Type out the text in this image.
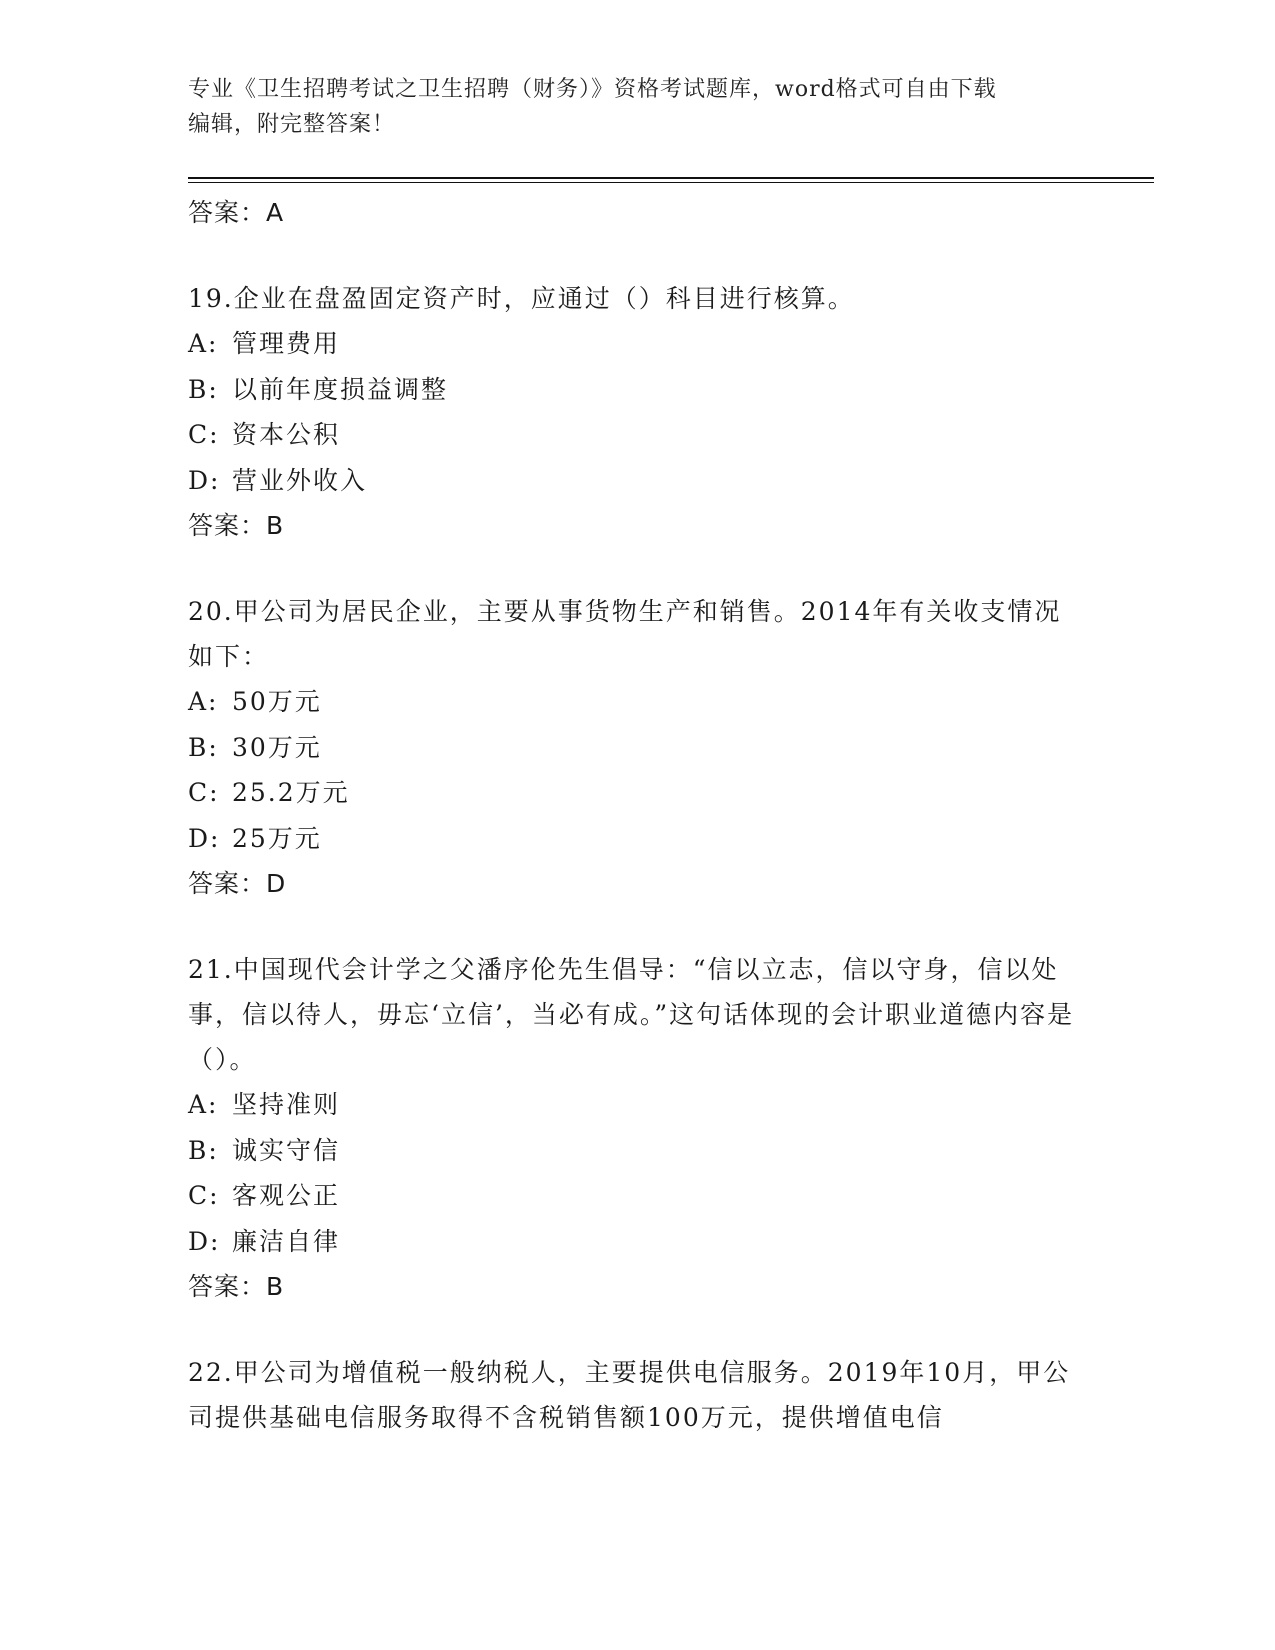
专业《卫生招聘考试之卫生招聘（财务）》资格考试题库，word格式可自由下载
编辑，附完整答案！
答案：A
19.企业在盘盈固定资产时，应通过（）科目进行核算。
A: 管理费用
B: 以前年度损益调整
C: 资本公积
D: 营业外收入
答案：B
20.甲公司为居民企业，主要从事货物生产和销售。2014年有关收支情况如下：
A: 50万元
B: 30万元
C: 25.2万元
D: 25万元
答案：D
21.中国现代会计学之父潘序伦先生倡导：“信以立志，信以守身，信以处事，信以待人，毋忘‘立信’，当必有成。”这句话体现的会计职业道德内容是（）。
A: 坚持准则
B: 诚实守信
C: 客观公正
D: 廉洁自律
答案：B
22.甲公司为增值税一般纳税人，主要提供电信服务。2019年10月，甲公司提供基础电信服务取得不含税销售额100万元，提供增值电信
